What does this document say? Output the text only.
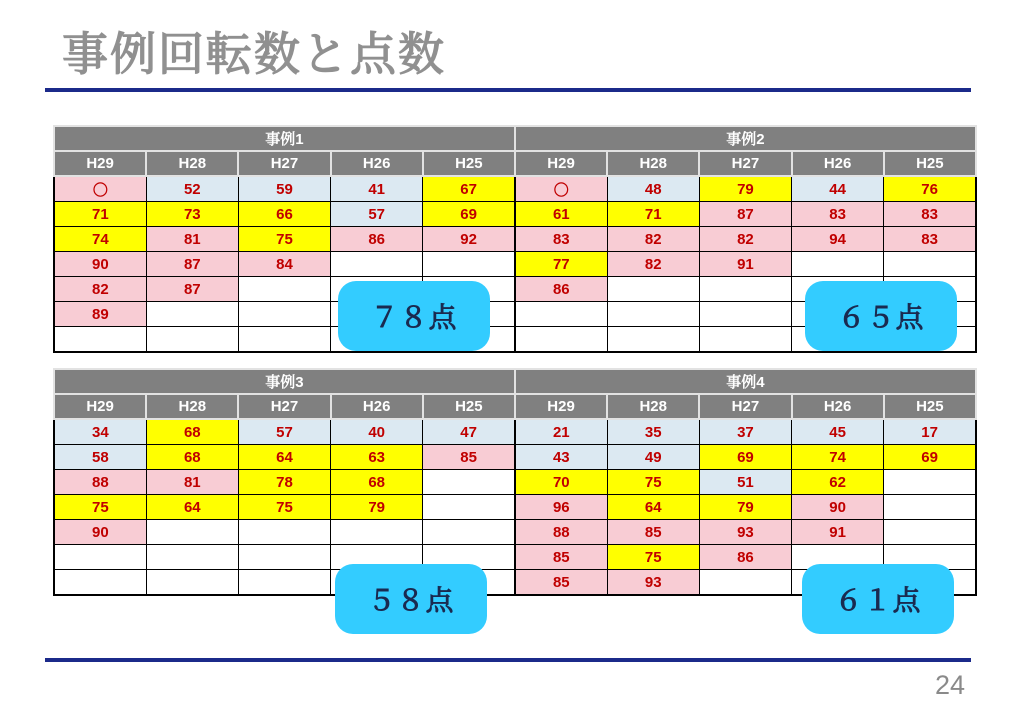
事例回転数と点数
事例1					事例2				
H29	H28	H27	H26	H25	H29	H28	H27	H26	H25
〇	52	59	41	67	〇	48	79	44	76
71	73	66	57	69	61	71	87	83	83
74	81	75	86	92	83	82	82	94	83
90	87	84			77	82	91		
82	87				86				
89									

事例3					事例4				
H29	H28	H27	H26	H25	H29	H28	H27	H26	H25
34	68	57	40	47	21	35	37	45	17
58	68	64	63	85	43	49	69	74	69
88	81	78	68		70	75	51	62	
75	64	75	79		96	64	79	90	
90					88	85	93	91	
					85	75	86		
					85	93			
７８点	６５点
５８点	６１点
24
